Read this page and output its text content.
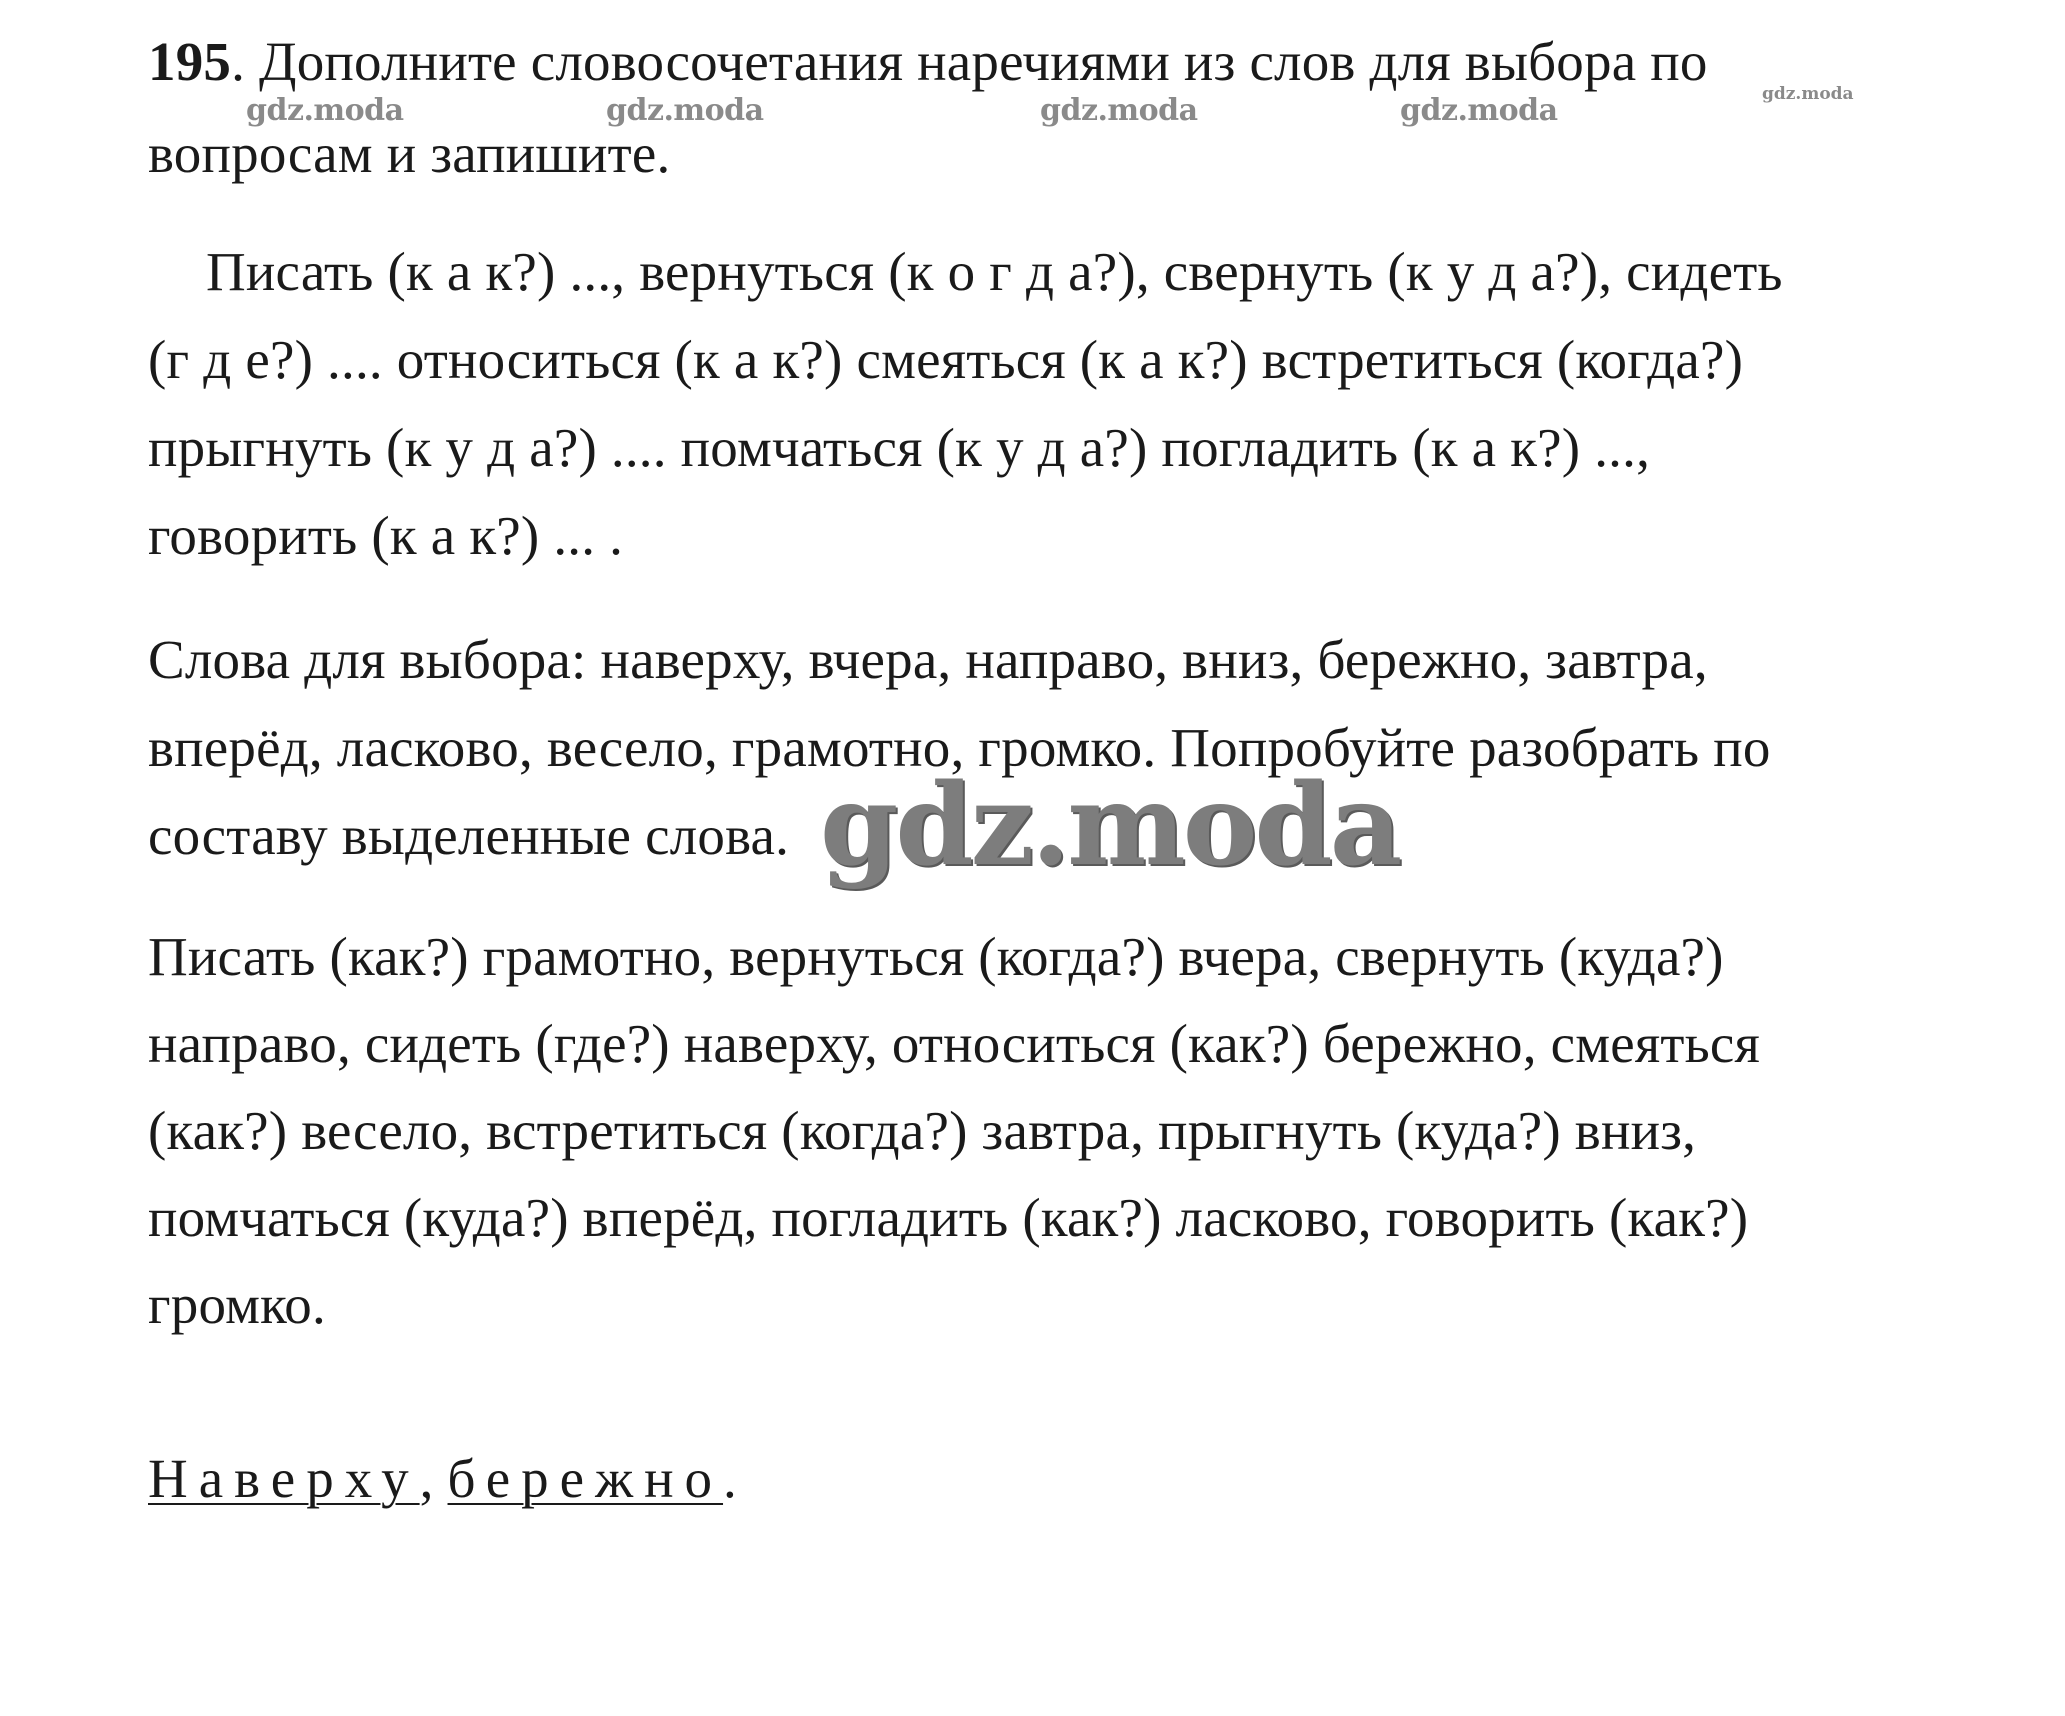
195. Дополните словосочетания наречиями из слов для выбора по
вопросам и запишите.
gdz.moda	gdz.moda	gdz.moda	gdz.moda	gdz.moda
Писать (к а к?) ..., вернуться (к о г д а?), свернуть (к у д а?), сидеть
(г д е?) .... относиться (к а к?) смеяться (к а к?) встретиться (когда?)
прыгнуть (к у д а?) .... помчаться (к у д а?) погладить (к а к?) ...,
говорить (к а к?) ... .
Слова для выбора: наверху, вчера, направо, вниз, бережно, завтра,
вперёд, ласково, весело, грамотно, громко. Попробуйте разобрать по
составу выделенные слова. gdz.moda
Писать (как?) грамотно, вернуться (когда?) вчера, свернуть (куда?)
направо, сидеть (где?) наверху, относиться (как?) бережно, смеяться
(как?) весело, встретиться (когда?) завтра, прыгнуть (куда?) вниз,
помчаться (куда?) вперёд, погладить (как?) ласково, говорить (как?)
громко.
Наверху, бережно.
